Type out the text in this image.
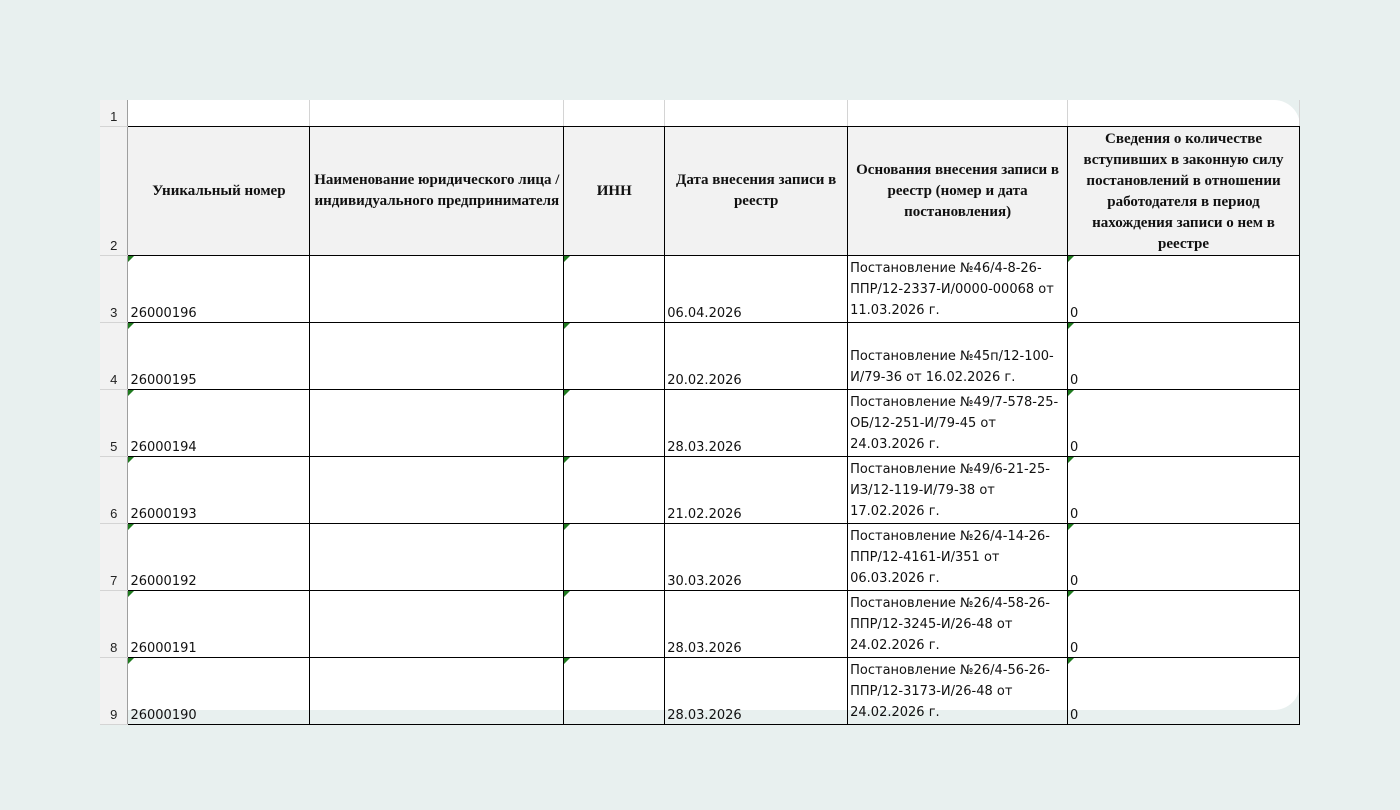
1						
2	Уникальный номер	Наименование юридического лица / индивидуального предпринимателя	ИНН	Дата внесения записи в реестр	Основания внесения записи в реестр (номер и дата постановления)	Сведения о количестве вступивших в законную силу постановлений в отношении работодателя в период нахождения записи о нем в реестре
3	26000196			06.04.2026	Постановление №46/4-8-26-ППР/12-2337-И/0000-00068 от 11.03.2026 г.	0
4	26000195			20.02.2026	Постановление №45п/12-100-И/79-36 от 16.02.2026 г.	0
5	26000194			28.03.2026	Постановление №49/7-578-25-ОБ/12-251-И/79-45 от 24.03.2026 г.	0
6	26000193			21.02.2026	Постановление №49/6-21-25-ИЗ/12-119-И/79-38 от 17.02.2026 г.	0
7	26000192			30.03.2026	Постановление №26/4-14-26-ППР/12-4161-И/351 от 06.03.2026 г.	0
8	26000191			28.03.2026	Постановление №26/4-58-26-ППР/12-3245-И/26-48 от 24.02.2026 г.	0
9	26000190			28.03.2026	Постановление №26/4-56-26-ППР/12-3173-И/26-48 от 24.02.2026 г.	0
